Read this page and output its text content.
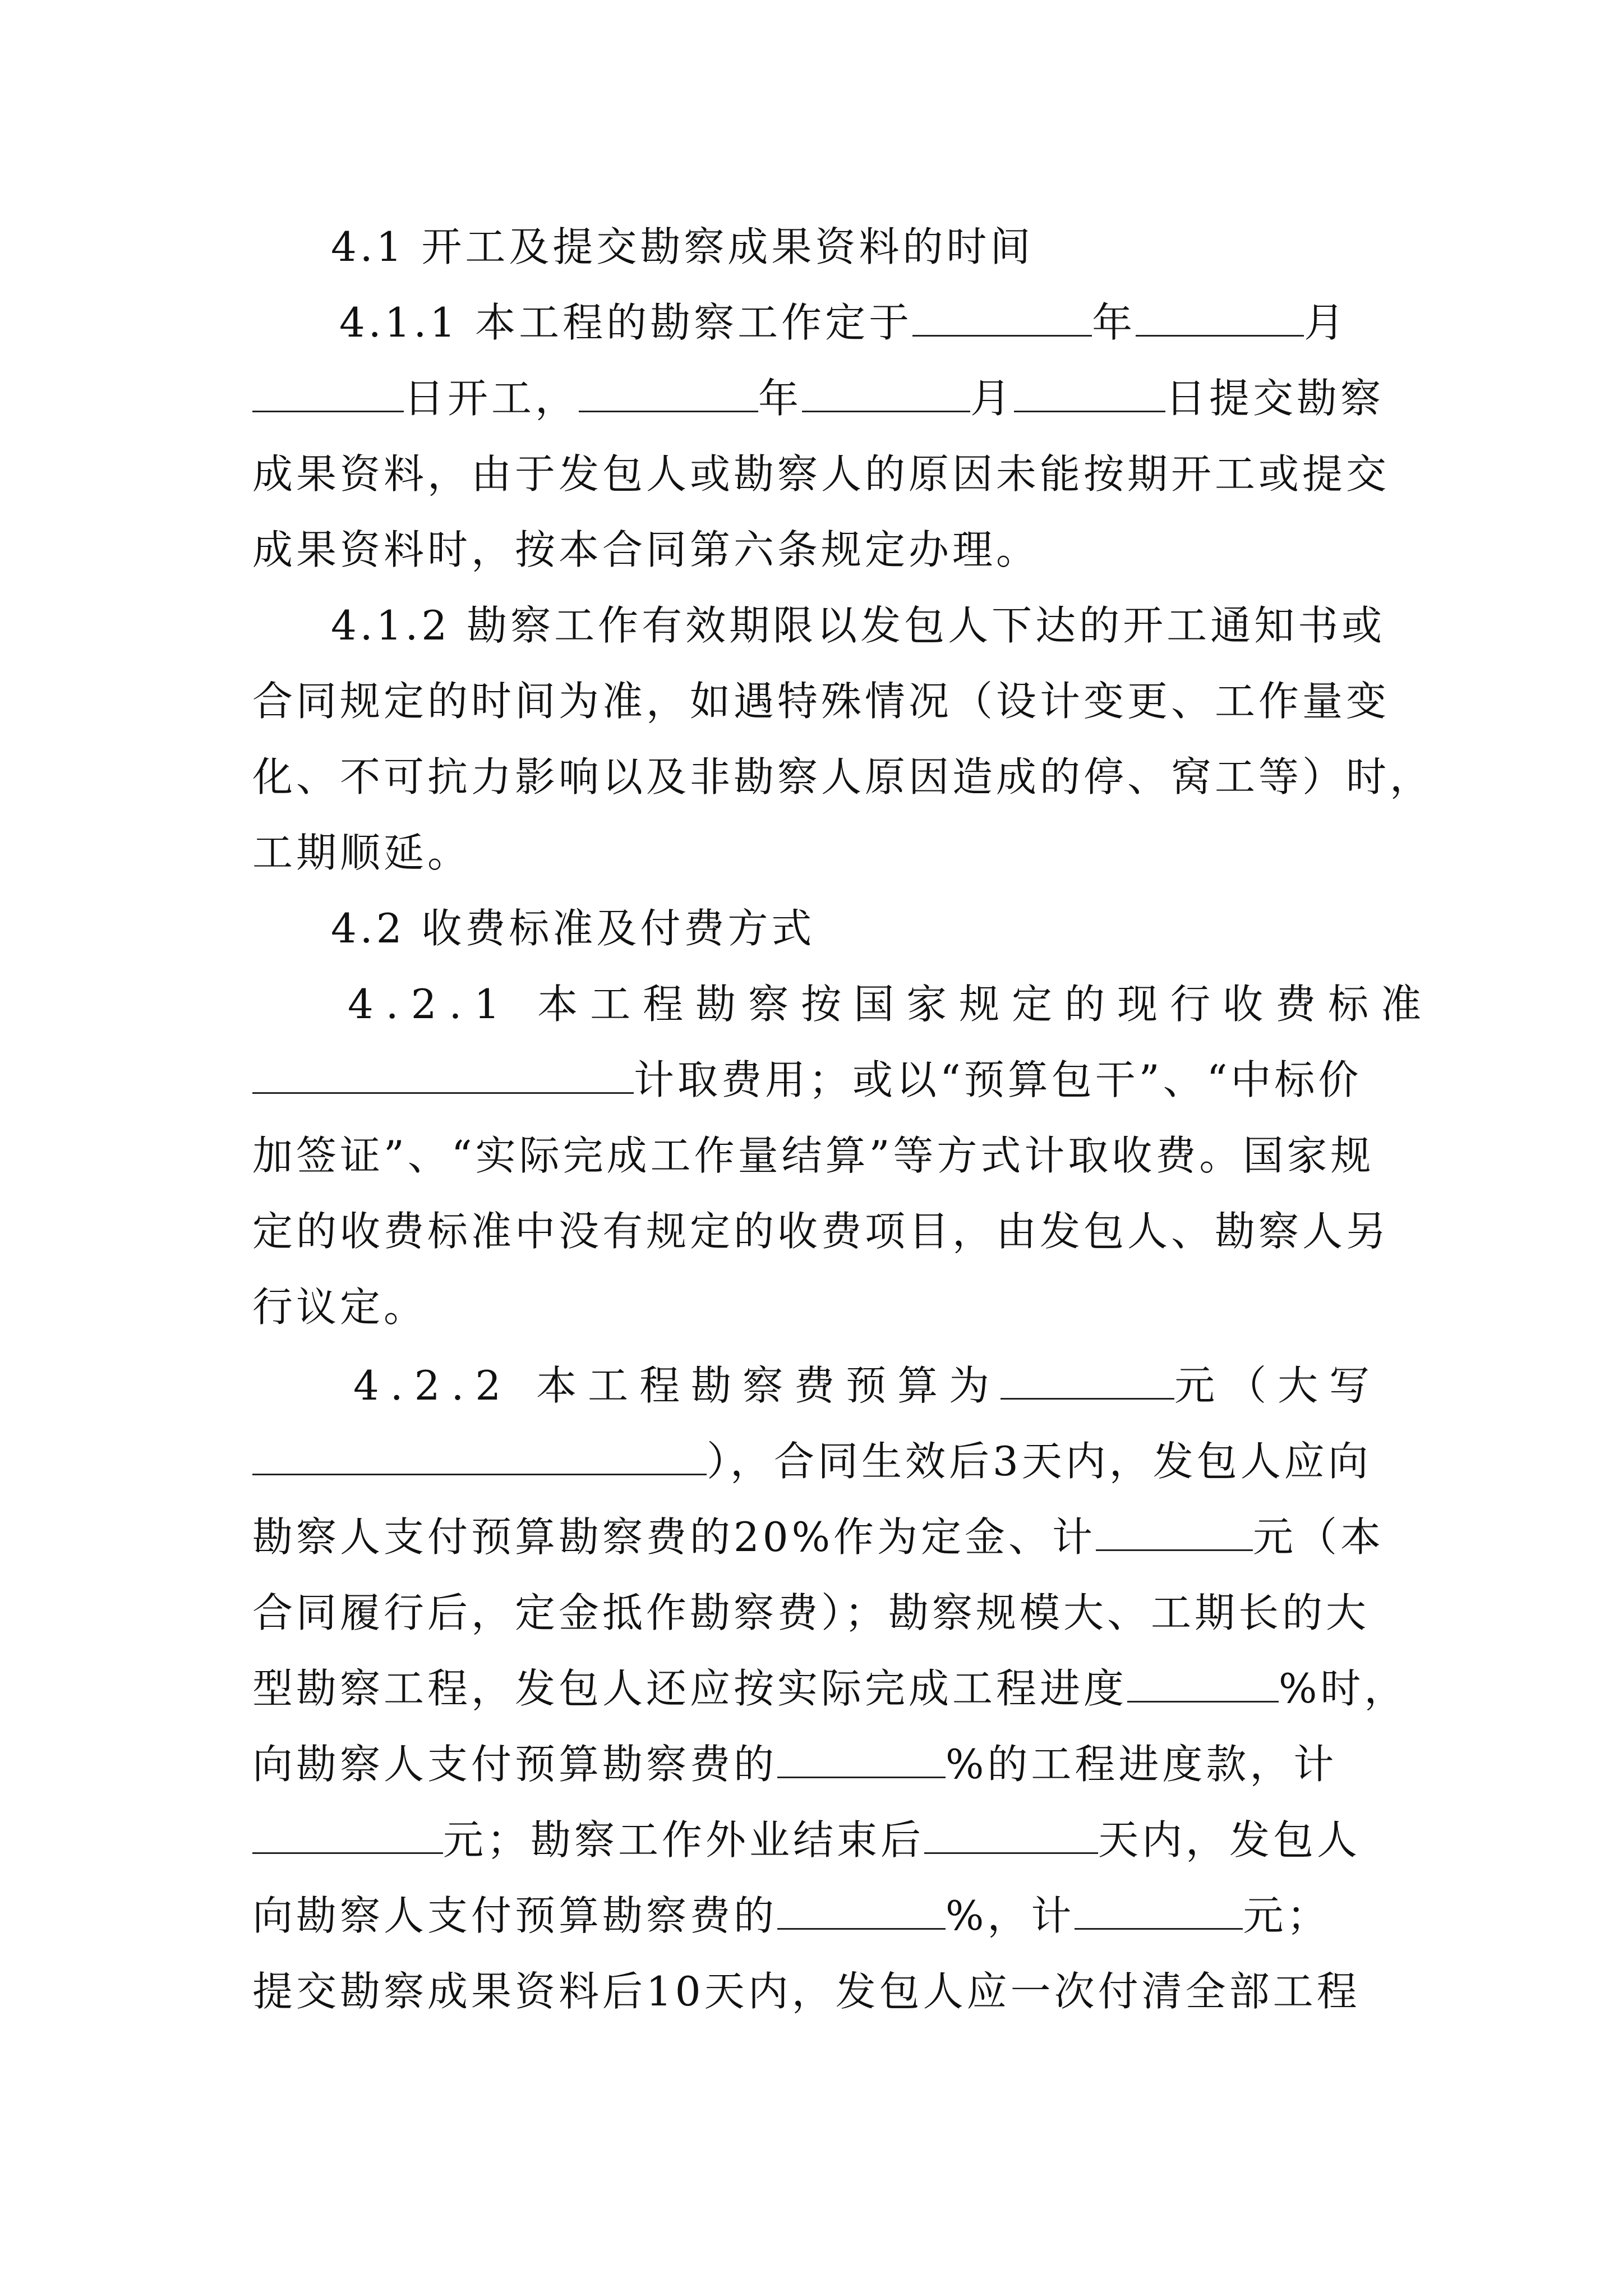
4.1 开工及提交勘察成果资料的时间
4.1.1 本工程的勘察工作定于	年	月
日开工，	年	月	日提交勘察
成果资料，由于发包人或勘察人的原因未能按期开工或提交
成果资料时，按本合同第六条规定办理。
4.1.2 勘察工作有效期限以发包人下达的开工通知书或
合同规定的时间为准，如遇特殊情况（设计变更、工作量变
化、不可抗力影响以及非勘察人原因造成的停、窝工等）时，
工期顺延。
4.2 收费标准及付费方式
4.2.1 本工程勘察按国家规定的现行收费标准
计取费用；或以“预算包干”、“中标价
加签证”、“实际完成工作量结算”等方式计取收费。国家规
定的收费标准中没有规定的收费项目，由发包人、勘察人另
行议定。
4.2.2 本工程勘察费预算为	元（大写
），合同生效后3天内，发包人应向
勘察人支付预算勘察费的20%作为定金、计	元（本
合同履行后，定金抵作勘察费）；勘察规模大、工期长的大
型勘察工程，发包人还应按实际完成工程进度	%时，
向勘察人支付预算勘察费的	%的工程进度款，计
元；勘察工作外业结束后	天内，发包人
向勘察人支付预算勘察费的	%，计	元；
提交勘察成果资料后10天内，发包人应一次付清全部工程
